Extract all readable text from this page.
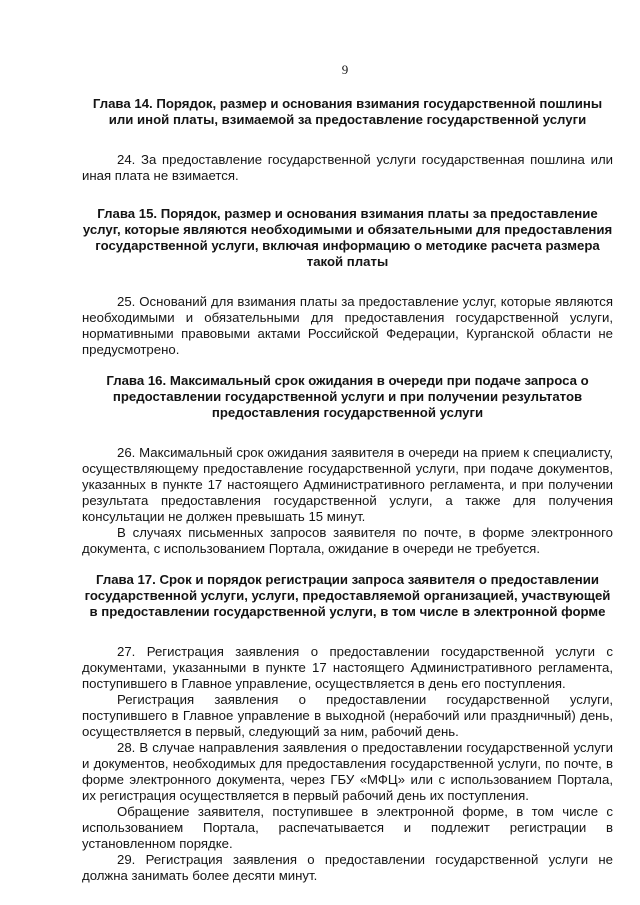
9
Глава 14. Порядок, размер и основания взимания государственной пошлины или иной платы, взимаемой за предоставление государственной услуги

24. За предоставление государственной услуги государственная пошлина или иная плата не взимается.

Глава 15. Порядок, размер и основания взимания платы за предоставление услуг, которые являются необходимыми и обязательными для предоставления государственной услуги, включая информацию о методике расчета размера такой платы

25. Оснований для взимания платы за предоставление услуг, которые являются необходимыми и обязательными для предоставления государственной услуги, нормативными правовыми актами Российской Федерации, Курганской области не предусмотрено.

Глава 16. Максимальный срок ожидания в очереди при подаче запроса о предоставлении государственной услуги и при получении результатов предоставления государственной услуги

26. Максимальный срок ожидания заявителя в очереди на прием к специалисту, осуществляющему предоставление государственной услуги, при подаче документов, указанных в пункте 17 настоящего Административного регламента, и при получении результата предоставления государственной услуги, а также для получения консультации не должен превышать 15 минут.

В случаях письменных запросов заявителя по почте, в форме электронного документа, с использованием Портала, ожидание в очереди не требуется.

Глава 17. Срок и порядок регистрации запроса заявителя о предоставлении государственной услуги, услуги, предоставляемой организацией, участвующей в предоставлении государственной услуги, в том числе в электронной форме

27. Регистрация заявления о предоставлении государственной услуги с документами, указанными в пункте 17 настоящего Административного регламента, поступившего в Главное управление, осуществляется в день его поступления.

Регистрация заявления о предоставлении государственной услуги, поступившего в Главное управление в выходной (нерабочий или праздничный) день, осуществляется в первый, следующий за ним, рабочий день.

28. В случае направления заявления о предоставлении государственной услуги и документов, необходимых для предоставления государственной услуги, по почте, в форме электронного документа, через ГБУ «МФЦ» или с использованием Портала, их регистрация осуществляется в первый рабочий день их поступления.

Обращение заявителя, поступившее в электронной форме, в том числе с использованием Портала, распечатывается и подлежит регистрации в установленном порядке.

29. Регистрация заявления о предоставлении государственной услуги не должна занимать более десяти минут.
